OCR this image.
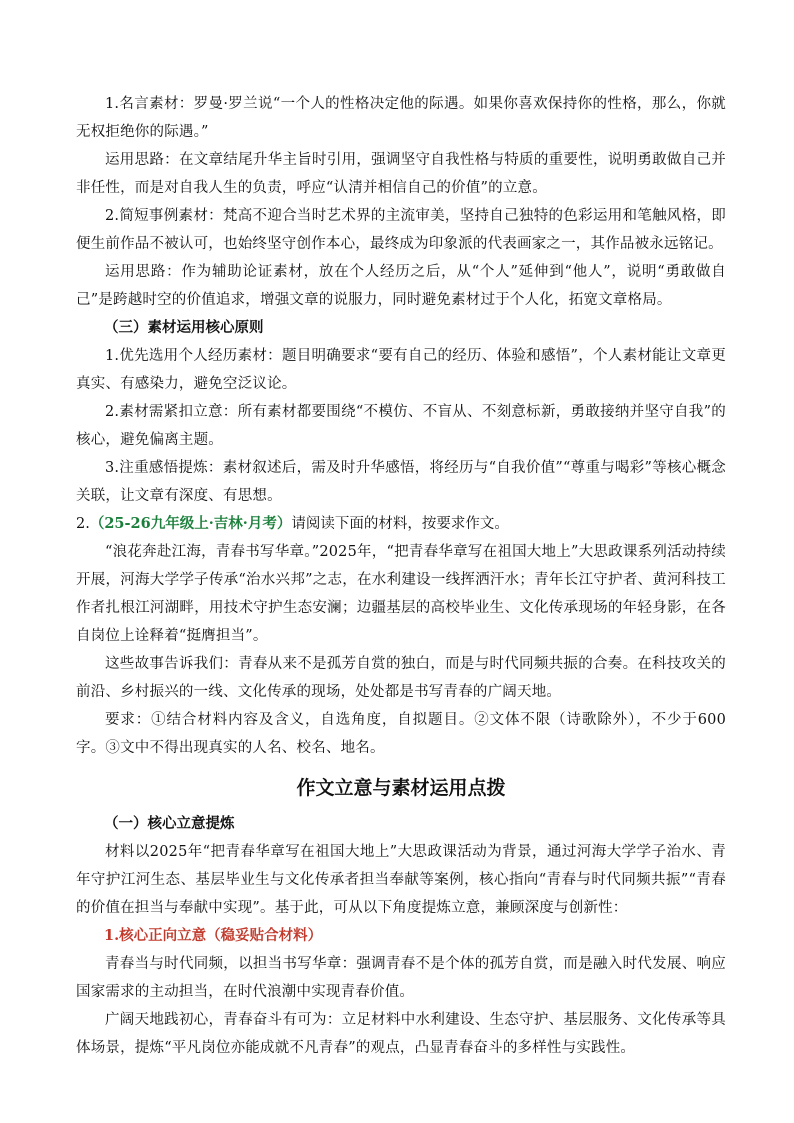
1.名言素材：罗曼·罗兰说“一个人的性格决定他的际遇。如果你喜欢保持你的性格，那么，你就无权拒绝你的际遇。”

运用思路：在文章结尾升华主旨时引用，强调坚守自我性格与特质的重要性，说明勇敢做自己并非任性，而是对自我人生的负责，呼应“认清并相信自己的价值”的立意。

2.简短事例素材：梵高不迎合当时艺术界的主流审美，坚持自己独特的色彩运用和笔触风格，即便生前作品不被认可，也始终坚守创作本心，最终成为印象派的代表画家之一，其作品被永远铭记。

运用思路：作为辅助论证素材，放在个人经历之后，从“个人”延伸到“他人”，说明“勇敢做自己”是跨越时空的价值追求，增强文章的说服力，同时避免素材过于个人化，拓宽文章格局。

（三）素材运用核心原则

1.优先选用个人经历素材：题目明确要求“要有自己的经历、体验和感悟”，个人素材能让文章更真实、有感染力，避免空泛议论。

2.素材需紧扣立意：所有素材都要围绕“不模仿、不盲从、不刻意标新，勇敢接纳并坚守自我”的核心，避免偏离主题。

3.注重感悟提炼：素材叙述后，需及时升华感悟，将经历与“自我价值”“尊重与喝彩”等核心概念关联，让文章有深度、有思想。

2.（25-26九年级上·吉林·月考）请阅读下面的材料，按要求作文。

“浪花奔赴江海，青春书写华章。”2025年，“把青春华章写在祖国大地上”大思政课系列活动持续开展，河海大学学子传承“治水兴邦”之志，在水利建设一线挥洒汗水；青年长江守护者、黄河科技工作者扎根江河湖畔，用技术守护生态安澜；边疆基层的高校毕业生、文化传承现场的年轻身影，在各自岗位上诠释着“挺膺担当”。

这些故事告诉我们：青春从来不是孤芳自赏的独白，而是与时代同频共振的合奏。在科技攻关的前沿、乡村振兴的一线、文化传承的现场，处处都是书写青春的广阔天地。

要求：①结合材料内容及含义，自选角度，自拟题目。②文体不限（诗歌除外），不少于600字。③文中不得出现真实的人名、校名、地名。

作文立意与素材运用点拨

（一）核心立意提炼

材料以2025年“把青春华章写在祖国大地上”大思政课活动为背景，通过河海大学学子治水、青年守护江河生态、基层毕业生与文化传承者担当奉献等案例，核心指向“青春与时代同频共振”“青春的价值在担当与奉献中实现”。基于此，可从以下角度提炼立意，兼顾深度与创新性：

1.核心正向立意（稳妥贴合材料）

青春当与时代同频，以担当书写华章：强调青春不是个体的孤芳自赏，而是融入时代发展、响应国家需求的主动担当，在时代浪潮中实现青春价值。

广阔天地践初心，青春奋斗有可为：立足材料中水利建设、生态守护、基层服务、文化传承等具体场景，提炼“平凡岗位亦能成就不凡青春”的观点，凸显青春奋斗的多样性与实践性。
